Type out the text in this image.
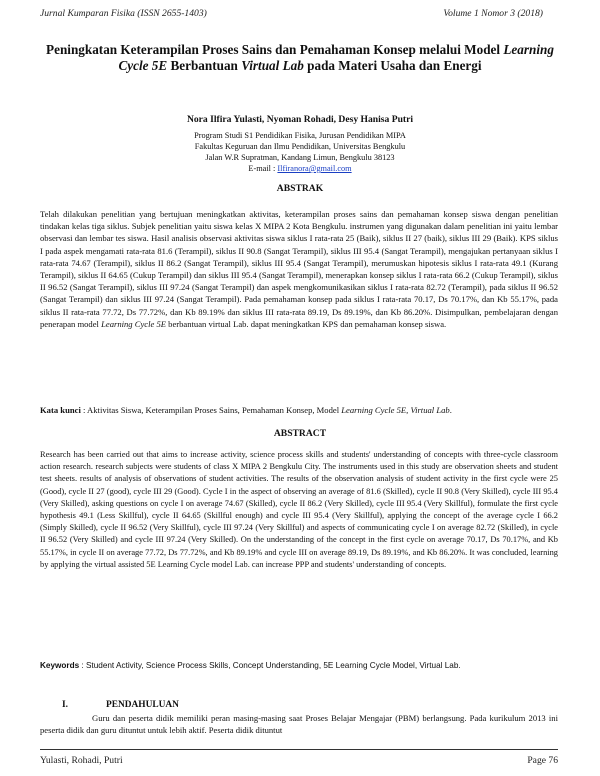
Jurnal Kumparan Fisika (ISSN 2655-1403)	Volume 1 Nomor 3 (2018)
Peningkatan Keterampilan Proses Sains dan Pemahaman Konsep melalui Model Learning Cycle 5E Berbantuan Virtual Lab pada Materi Usaha dan Energi
Nora Ilfira Yulasti, Nyoman Rohadi, Desy Hanisa Putri
Program Studi S1 Pendidikan Fisika, Jurusan Pendidikan MIPA
Fakultas Keguruan dan Ilmu Pendidikan, Universitas Bengkulu
Jalan W.R Supratman, Kandang Limun, Bengkulu 38123
E-mail : Ilfiranora@gmail.com
ABSTRAK

Telah dilakukan penelitian yang bertujuan meningkatkan aktivitas, keterampilan proses sains dan pemahaman konsep siswa dengan penelitian tindakan kelas tiga siklus. Subjek penelitian yaitu siswa kelas X MIPA 2 Kota Bengkulu. instrumen yang digunakan dalam penelitian ini yaitu lembar observasi dan lembar tes siswa. Hasil analisis observasi aktivitas siswa siklus I rata-rata 25 (Baik), siklus II 27 (baik), siklus III 29 (Baik). KPS siklus I pada aspek mengamati rata-rata 81.6 (Terampil), siklus II 90.8 (Sangat Terampil), siklus III 95.4 (Sangat Terampil), mengajukan pertanyaan siklus I rata-rata 74.67 (Terampil), siklus II 86.2 (Sangat Terampil), siklus III 95.4 (Sangat Terampil), merumuskan hipotesis siklus I rata-rata 49.1 (Kurang Terampil), siklus II 64.65 (Cukup Terampil) dan siklus III 95.4 (Sangat Terampil), menerapkan konsep siklus I rata-rata 66.2 (Cukup Terampil), siklus II 96.52 (Sangat Terampil), siklus III 97.24 (Sangat Terampil) dan aspek mengkomunikasikan siklus I rata-rata 82.72 (Terampil), pada siklus II 96.52 (Sangat Terampil) dan siklus III 97.24 (Sangat Terampil). Pada pemahaman konsep pada siklus I rata-rata 70.17, Ds 70.17%, dan Kb 55.17%, pada siklus II rata-rata 77.72, Ds 77.72%, dan Kb 89.19% dan siklus III rata-rata 89.19, Ds 89.19%, dan Kb 86.20%. Disimpulkan, pembelajaran dengan penerapan model Learning Cycle 5E berbantuan virtual Lab. dapat meningkatkan KPS dan pemahaman konsep siswa.

Kata kunci : Aktivitas Siswa, Keterampilan Proses Sains, Pemahaman Konsep, Model Learning Cycle 5E, Virtual Lab.

ABSTRACT

Research has been carried out that aims to increase activity, science process skills and students' understanding of concepts with three-cycle classroom action research. research subjects were students of class X MIPA 2 Bengkulu City. The instruments used in this study are observation sheets and student test sheets. results of analysis of observations of student activities. The results of the observation analysis of student activity in the first cycle were 25 (Good), cycle II 27 (good), cycle III 29 (Good). Cycle I in the aspect of observing an average of 81.6 (Skilled), cycle II 90.8 (Very Skilled), cycle III 95.4 (Very Skilled), asking questions on cycle I on average 74.67 (Skilled), cycle II 86.2 (Very Skilled), cycle III 95.4 (Very Skillful), formulate the first cycle hypothesis 49.1 (Less Skillful), cycle II 64.65 (Skillful enough) and cycle III 95.4 (Very Skillful), applying the concept of the average cycle I 66.2 (Simply Skilled), cycle II 96.52 (Very Skillful), cycle III 97.24 (Very Skillful) and aspects of communicating cycle I on average 82.72 (Skilled), in cycle II 96.52 (Very Skilled) and cycle III 97.24 (Very Skilled). On the understanding of the concept in the first cycle on average 70.17, Ds 70.17%, and Kb 55.17%, in cycle II on average 77.72, Ds 77.72%, and Kb 89.19% and cycle III on average 89.19, Ds 89.19%, and Kb 86.20%. It was concluded, learning by applying the virtual assisted 5E Learning Cycle model Lab. can increase PPP and students' understanding of concepts.

Keywords : Student Activity, Science Process Skills, Concept Understanding, 5E Learning Cycle Model, Virtual Lab.

I.	PENDAHULUAN

Guru dan peserta didik memiliki peran masing-masing saat Proses Belajar Mengajar (PBM) berlangsung. Pada kurikulum 2013 ini peserta didik dan guru dituntut untuk lebih aktif. Peserta didik dituntut

Yulasti, Rohadi, Putri	Page 76
